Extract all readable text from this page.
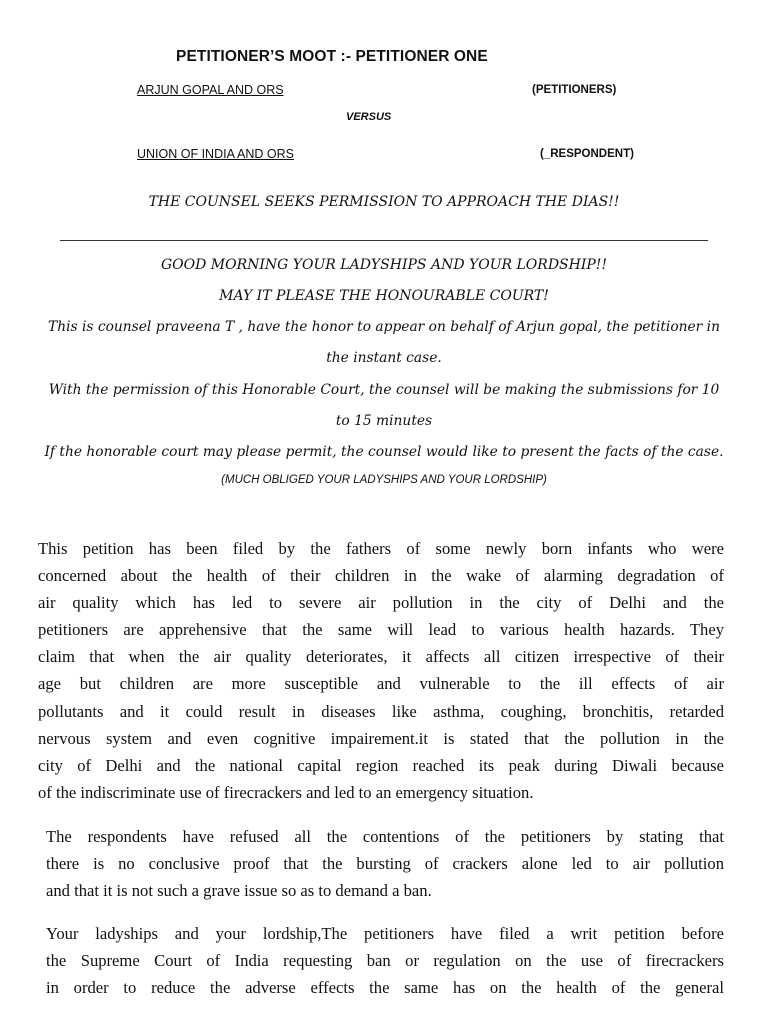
PETITIONER’S MOOT :- PETITIONER ONE
ARJUN GOPAL AND ORS	(PETITIONERS)
VERSUS
UNION OF INDIA AND ORS	(_RESPONDENT)
THE COUNSEL SEEKS PERMISSION TO APPROACH THE DIAS!!
GOOD MORNING YOUR LADYSHIPS AND YOUR LORDSHIP!!
MAY IT PLEASE THE HONOURABLE COURT!
This is counsel praveena T , have the honor to appear on behalf of Arjun gopal, the petitioner in
the instant case.
With the permission of this Honorable Court, the counsel will be making the submissions for 10
to 15 minutes
If the honorable court may please permit, the counsel would like to present the facts of the case.
(MUCH OBLIGED YOUR LADYSHIPS AND YOUR LORDSHIP)
This petition has been filed by the fathers of some newly born infants who were
concerned about the health of their children in the wake of alarming degradation of
air quality which has led to severe air pollution in the city of Delhi and the
petitioners are apprehensive that the same will lead to various health hazards. They
claim that when the air quality deteriorates, it affects all citizen irrespective of their
age but children are more susceptible and vulnerable to the ill effects of air
pollutants and it could result in diseases like asthma, coughing, bronchitis, retarded
nervous system and even cognitive impairement.it is stated that the pollution in the
city of Delhi and the national capital region reached its peak during Diwali because
of the indiscriminate use of firecrackers and led to an emergency situation.
The respondents have refused all the contentions of the petitioners by stating that
there is no conclusive proof that the bursting of crackers alone led to air pollution
and that it is not such a grave issue so as to demand a ban.
Your ladyships and your lordship,The petitioners have filed a writ petition before
the Supreme Court of India requesting ban or regulation on the use of firecrackers
in order to reduce the adverse effects the same has on the health of the general
